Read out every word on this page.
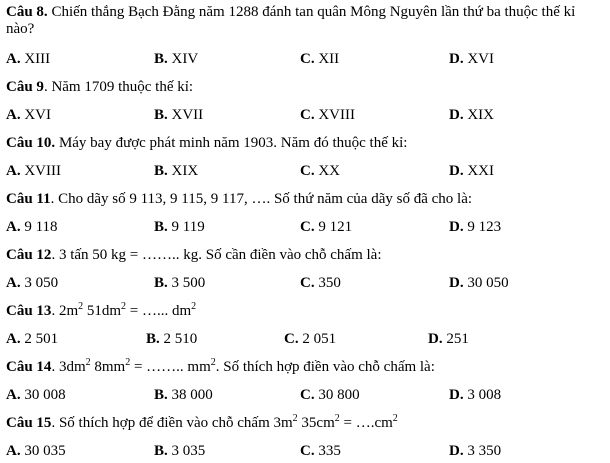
Câu 8. Chiến thắng Bạch Đằng năm 1288 đánh tan quân Mông Nguyên lần thứ ba thuộc thế kỉ nào?
A. XIII	B. XIV	C. XII	D. XVI
Câu 9. Năm 1709 thuộc thế kỉ:
A. XVI	B. XVII	C. XVIII	D. XIX
Câu 10. Máy bay được phát minh năm 1903. Năm đó thuộc thế kỉ:
A. XVIII	B. XIX	C. XX	D. XXI
Câu 11. Cho dãy số 9 113, 9 115, 9 117, …. Số thứ năm của dãy số đã cho là:
A. 9 118	B. 9 119	C. 9 121	D. 9 123
Câu 12. 3 tấn 50 kg = …….. kg. Số cần điền vào chỗ chấm là:
A. 3 050	B. 3 500	C. 350	D. 30 050
Câu 13. $2m^2$ $51dm^2$ = …... $dm^2$
A. 2 501	B. 2 510	C. 2 051	D. 251
Câu 14. $3dm^2$ $8mm^2$ = …….. $mm^2$. Số thích hợp điền vào chỗ chấm là:
A. 30 008	B. 38 000	C. 30 800	D. 3 008
Câu 15. Số thích hợp để điền vào chỗ chấm $3m^2$ $35cm^2$ = $\dots.cm^2$
A. 30 035	B. 3 035	C. 335	D. 3 350
